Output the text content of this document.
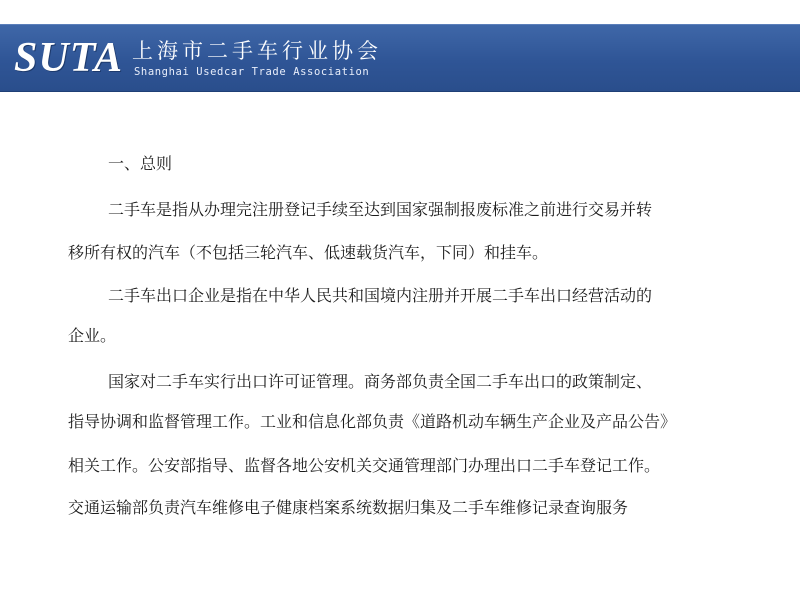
SUTA 上海市二手车行业协会
Shanghai Usedcar Trade Association
一、总则
二手车是指从办理完注册登记手续至达到国家强制报废标准之前进行交易并转
移所有权的汽车（不包括三轮汽车、低速载货汽车，下同）和挂车。
二手车出口企业是指在中华人民共和国境内注册并开展二手车出口经营活动的
企业。
国家对二手车实行出口许可证管理。商务部负责全国二手车出口的政策制定、
指导协调和监督管理工作。工业和信息化部负责《道路机动车辆生产企业及产品公告》
相关工作。公安部指导、监督各地公安机关交通管理部门办理出口二手车登记工作。
交通运输部负责汽车维修电子健康档案系统数据归集及二手车维修记录查询服务
